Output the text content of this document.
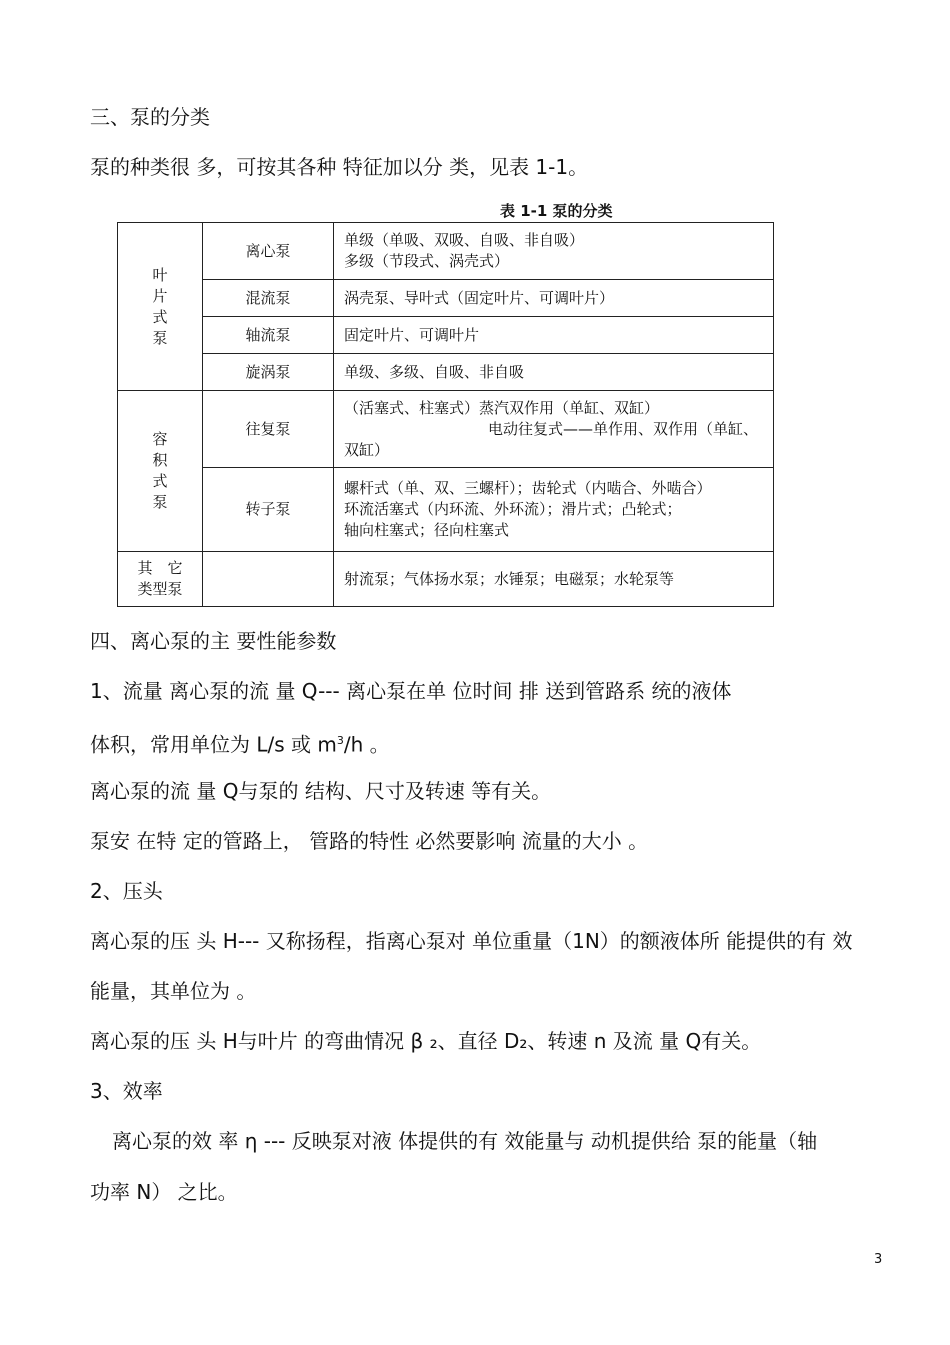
三、泵的分类
泵的种类很 多，可按其各种 特征加以分 类，见表 1-1。
表 1-1 泵的分类
叶片式泵	离心泵	单级（单吸、双吸、自吸、非自吸）
多级（节段式、涡壳式）

	混流泵	涡壳泵、导叶式（固定叶片、可调叶片）

	轴流泵	固定叶片、可调叶片

	旋涡泵	单级、多级、自吸、非自吸

容积式泵	往复泵	（活塞式、柱塞式）蒸汽双作用（单缸、双缸）
电动往复式——单作用、双作用（单缸、
双缸）

	转子泵	螺杆式（单、双、三螺杆）；齿轮式（内啮合、外啮合）
环流活塞式（内环流、外环流）；滑片式；凸轮式；
轴向柱塞式；径向柱塞式

其　它
类型泵		射流泵；气体扬水泵；水锤泵；电磁泵；水轮泵等
四、离心泵的主 要性能参数
1、流量 离心泵的流 量 Q--- 离心泵在单 位时间 排 送到管路系 统的液体
体积，常用单位为 L/s 或 $m^3/h$ 。
离心泵的流 量 Q与泵的 结构、尺寸及转速 等有关。
泵安 在特 定的管路上， 管路的特性 必然要影响 流量的大小 。
2、压头
离心泵的压 头 H--- 又称扬程，指离心泵对 单位重量（1N）的额液体所 能提供的有 效
能量，其单位为 。
离心泵的压 头 H与叶片 的弯曲情况 β ₂、直径 D₂、转速 n 及流 量 Q有关。
3、效率
离心泵的效 率 η --- 反映泵对液 体提供的有 效能量与 动机提供给 泵的能量（轴
功率 N） 之比。
3
